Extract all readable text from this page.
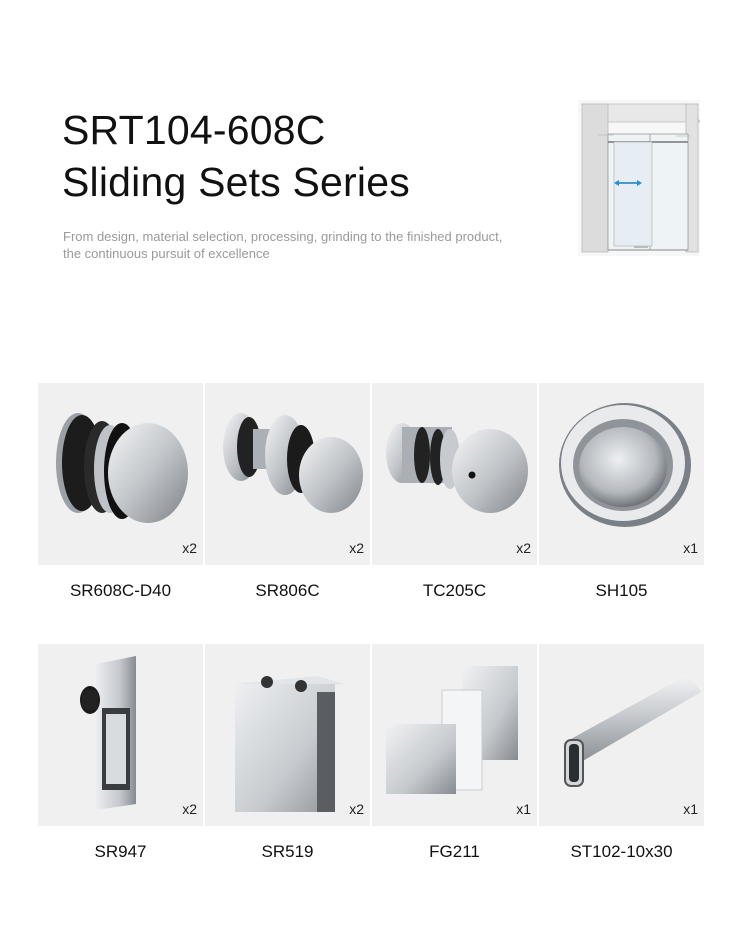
SRT104-608C
Sliding Sets Series
From design, material selection, processing, grinding to the finished product,
the continuous pursuit of excellence
x2
SR608C-D40
x2
SR806C
x2
TC205C
x1
SH105
x2
SR947
x2
SR519
x1
FG211
x1
ST102-10x30
